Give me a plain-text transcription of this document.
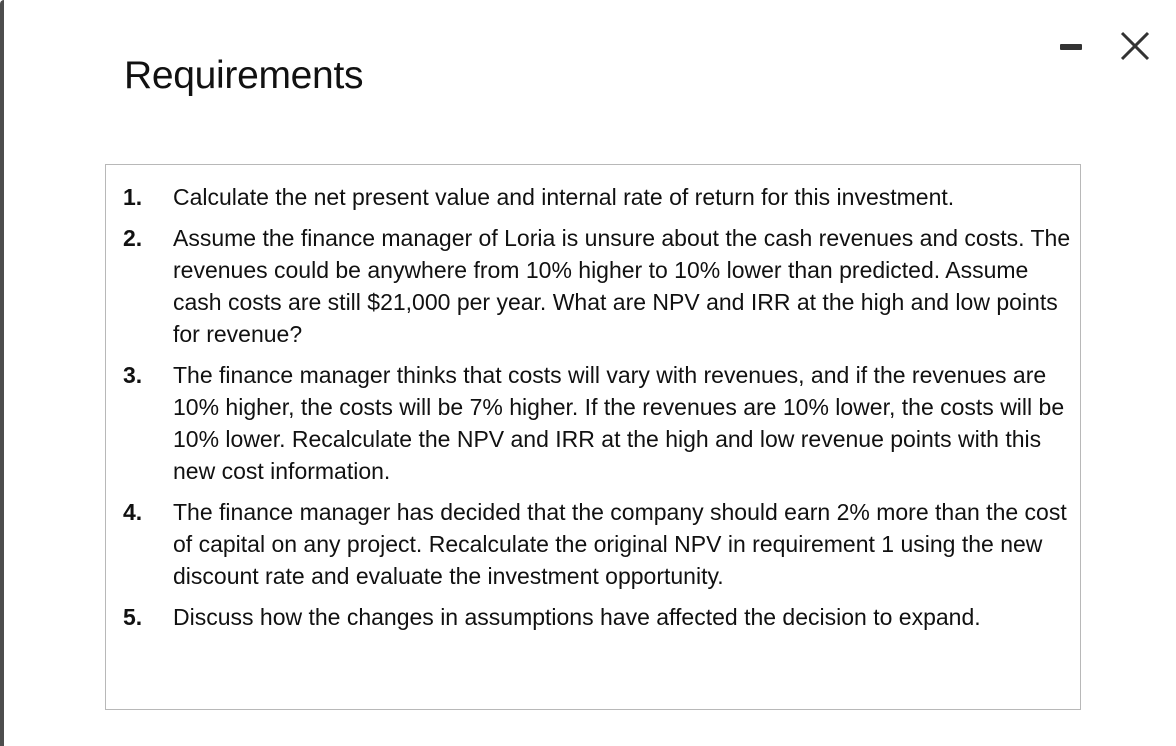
Requirements
1.	Calculate the net present value and internal rate of return for this investment.
2.	Assume the finance manager of Loria is unsure about the cash revenues and costs. The revenues could be anywhere from 10% higher to 10% lower than predicted. Assume cash costs are still $21,000 per year. What are NPV and IRR at the high and low points for revenue?
3.	The finance manager thinks that costs will vary with revenues, and if the revenues are 10% higher, the costs will be 7% higher. If the revenues are 10% lower, the costs will be 10% lower. Recalculate the NPV and IRR at the high and low revenue points with this new cost information.
4.	The finance manager has decided that the company should earn 2% more than the cost of capital on any project. Recalculate the original NPV in requirement 1 using the new discount rate and evaluate the investment opportunity.
5.	Discuss how the changes in assumptions have affected the decision to expand.
